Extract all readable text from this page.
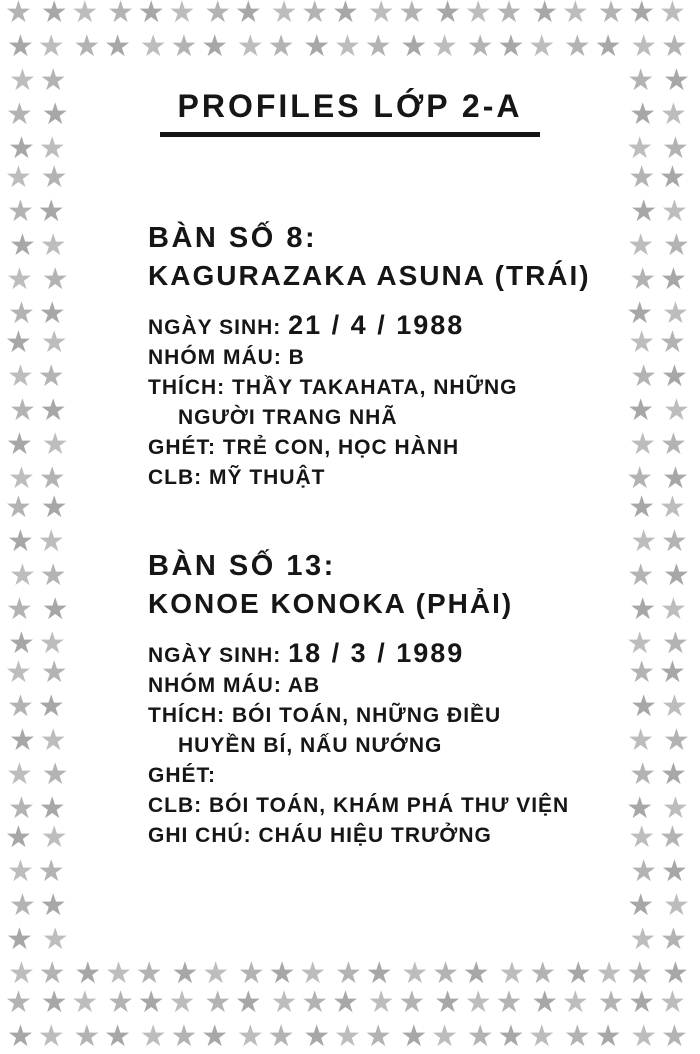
★ ★ ★ ★ ★ ★ ★ ★ ★ ★ ★ ★ ★ ★ ★ ★ ★ ★ ★ ★ ★
★ ★ ★ ★ ★ ★ ★ ★ ★ ★ ★ ★ ★ ★ ★ ★ ★ ★ ★ ★ ★
★ ★	★ ★
★ ★	★ ★
★ ★	★ ★
★ ★	★ ★
★ ★	★ ★
★ ★	★ ★
★ ★	★ ★
★ ★	★ ★
★ ★	★ ★
★ ★	★ ★
★ ★	★ ★
★ ★	★ ★
★ ★	★ ★
★ ★	★ ★
★ ★	★ ★
★ ★	★ ★
★ ★	★ ★
★ ★	★ ★
★ ★	★ ★
★ ★	★ ★
★ ★	★ ★
★ ★	★ ★
★ ★	★ ★
★ ★	★ ★
★ ★	★ ★
★ ★	★ ★
★ ★	★ ★
★ ★ ★ ★ ★ ★ ★ ★ ★ ★ ★ ★ ★ ★ ★ ★ ★ ★ ★ ★ ★
★ ★ ★ ★ ★ ★ ★ ★ ★ ★ ★ ★ ★ ★ ★ ★ ★ ★ ★ ★ ★
★ ★ ★ ★ ★ ★ ★ ★ ★ ★ ★ ★ ★ ★ ★ ★ ★ ★ ★ ★ ★
PROFILES LỚP 2-A
BÀN SỐ 8:
KAGURAZAKA ASUNA (TRÁI)
NGÀY SINH: 21 / 4 / 1988
NHÓM MÁU: B
THÍCH: THẦY TAKAHATA, NHỮNG
NGƯỜI TRANG NHÃ
GHÉT: TRẺ CON, HỌC HÀNH
CLB: MỸ THUẬT
BÀN SỐ 13:
KONOE KONOKA (PHẢI)
NGÀY SINH: 18 / 3 / 1989
NHÓM MÁU: AB
THÍCH: BÓI TOÁN, NHỮNG ĐIỀU
HUYỀN BÍ, NẤU NƯỚNG
GHÉT:
CLB: BÓI TOÁN, KHÁM PHÁ THƯ VIỆN
GHI CHÚ: CHÁU HIỆU TRƯỞNG
